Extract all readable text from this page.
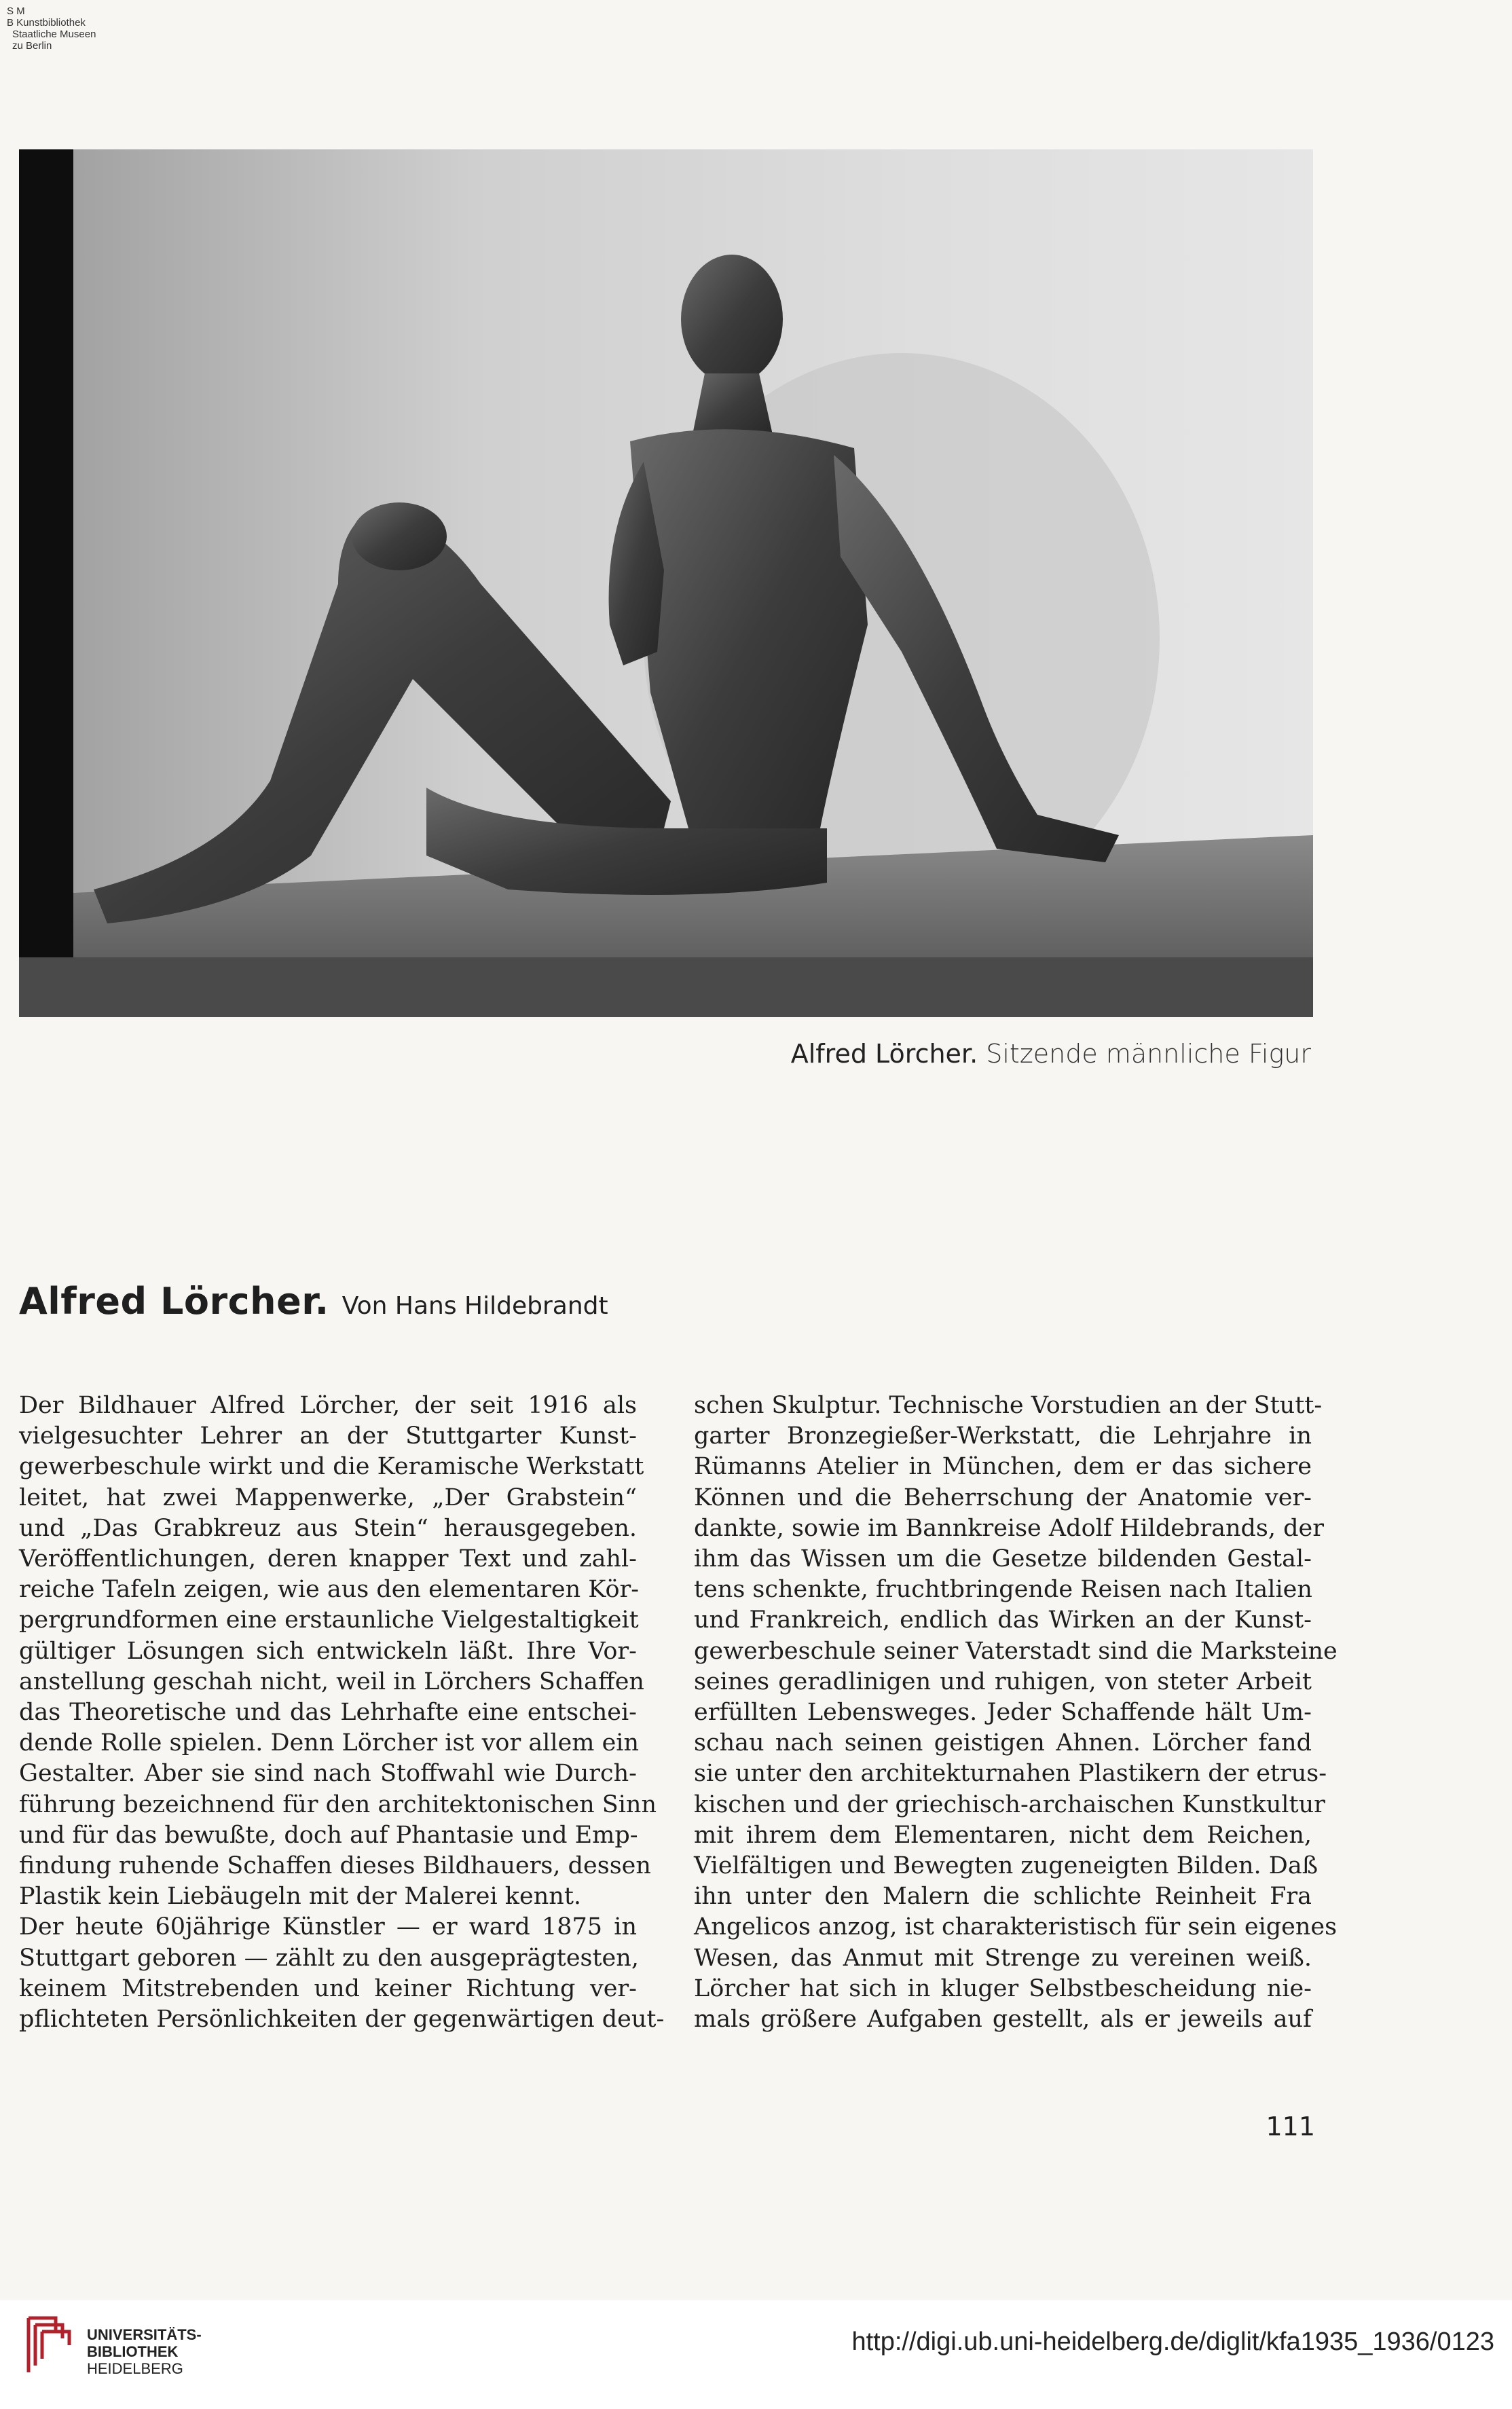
S M
B Kunstbibliothek
Staatliche Museen
zu Berlin
Alfred Lörcher. Sitzende männliche Figur
Alfred Lörcher. Von Hans Hildebrandt
Der Bildhauer Alfred Lörcher, der seit 1916 als
vielgesuchter Lehrer an der Stuttgarter Kunst-
gewerbeschule wirkt und die Keramische Werkstatt
leitet, hat zwei Mappenwerke, „Der Grabstein“
und „Das Grabkreuz aus Stein“ herausgegeben.
Veröffentlichungen, deren knapper Text und zahl-
reiche Tafeln zeigen, wie aus den elementaren Kör-
pergrundformen eine erstaunliche Vielgestaltigkeit
gültiger Lösungen sich entwickeln läßt. Ihre Vor-
anstellung geschah nicht, weil in Lörchers Schaffen
das Theoretische und das Lehrhafte eine entschei-
dende Rolle spielen. Denn Lörcher ist vor allem ein
Gestalter. Aber sie sind nach Stoffwahl wie Durch-
führung bezeichnend für den architektonischen Sinn
und für das bewußte, doch auf Phantasie und Emp-
findung ruhende Schaffen dieses Bildhauers, dessen
Plastik kein Liebäugeln mit der Malerei kennt.
Der heute 60jährige Künstler — er ward 1875 in
Stuttgart geboren — zählt zu den ausgeprägtesten,
keinem Mitstrebenden und keiner Richtung ver-
pflichteten Persönlichkeiten der gegenwärtigen deut-
schen Skulptur. Technische Vorstudien an der Stutt-
garter Bronzegießer-Werkstatt, die Lehrjahre in
Rümanns Atelier in München, dem er das sichere
Können und die Beherrschung der Anatomie ver-
dankte, sowie im Bannkreise Adolf Hildebrands, der
ihm das Wissen um die Gesetze bildenden Gestal-
tens schenkte, fruchtbringende Reisen nach Italien
und Frankreich, endlich das Wirken an der Kunst-
gewerbeschule seiner Vaterstadt sind die Marksteine
seines geradlinigen und ruhigen, von steter Arbeit
erfüllten Lebensweges. Jeder Schaffende hält Um-
schau nach seinen geistigen Ahnen. Lörcher fand
sie unter den architekturnahen Plastikern der etrus-
kischen und der griechisch-archaischen Kunstkultur
mit ihrem dem Elementaren, nicht dem Reichen,
Vielfältigen und Bewegten zugeneigten Bilden. Daß
ihn unter den Malern die schlichte Reinheit Fra
Angelicos anzog, ist charakteristisch für sein eigenes
Wesen, das Anmut mit Strenge zu vereinen weiß.
Lörcher hat sich in kluger Selbstbescheidung nie-
mals größere Aufgaben gestellt, als er jeweils auf
111
UNIVERSITÄTS-
BIBLIOTHEK
HEIDELBERG
http://digi.ub.uni-heidelberg.de/diglit/kfa1935_1936/0123
